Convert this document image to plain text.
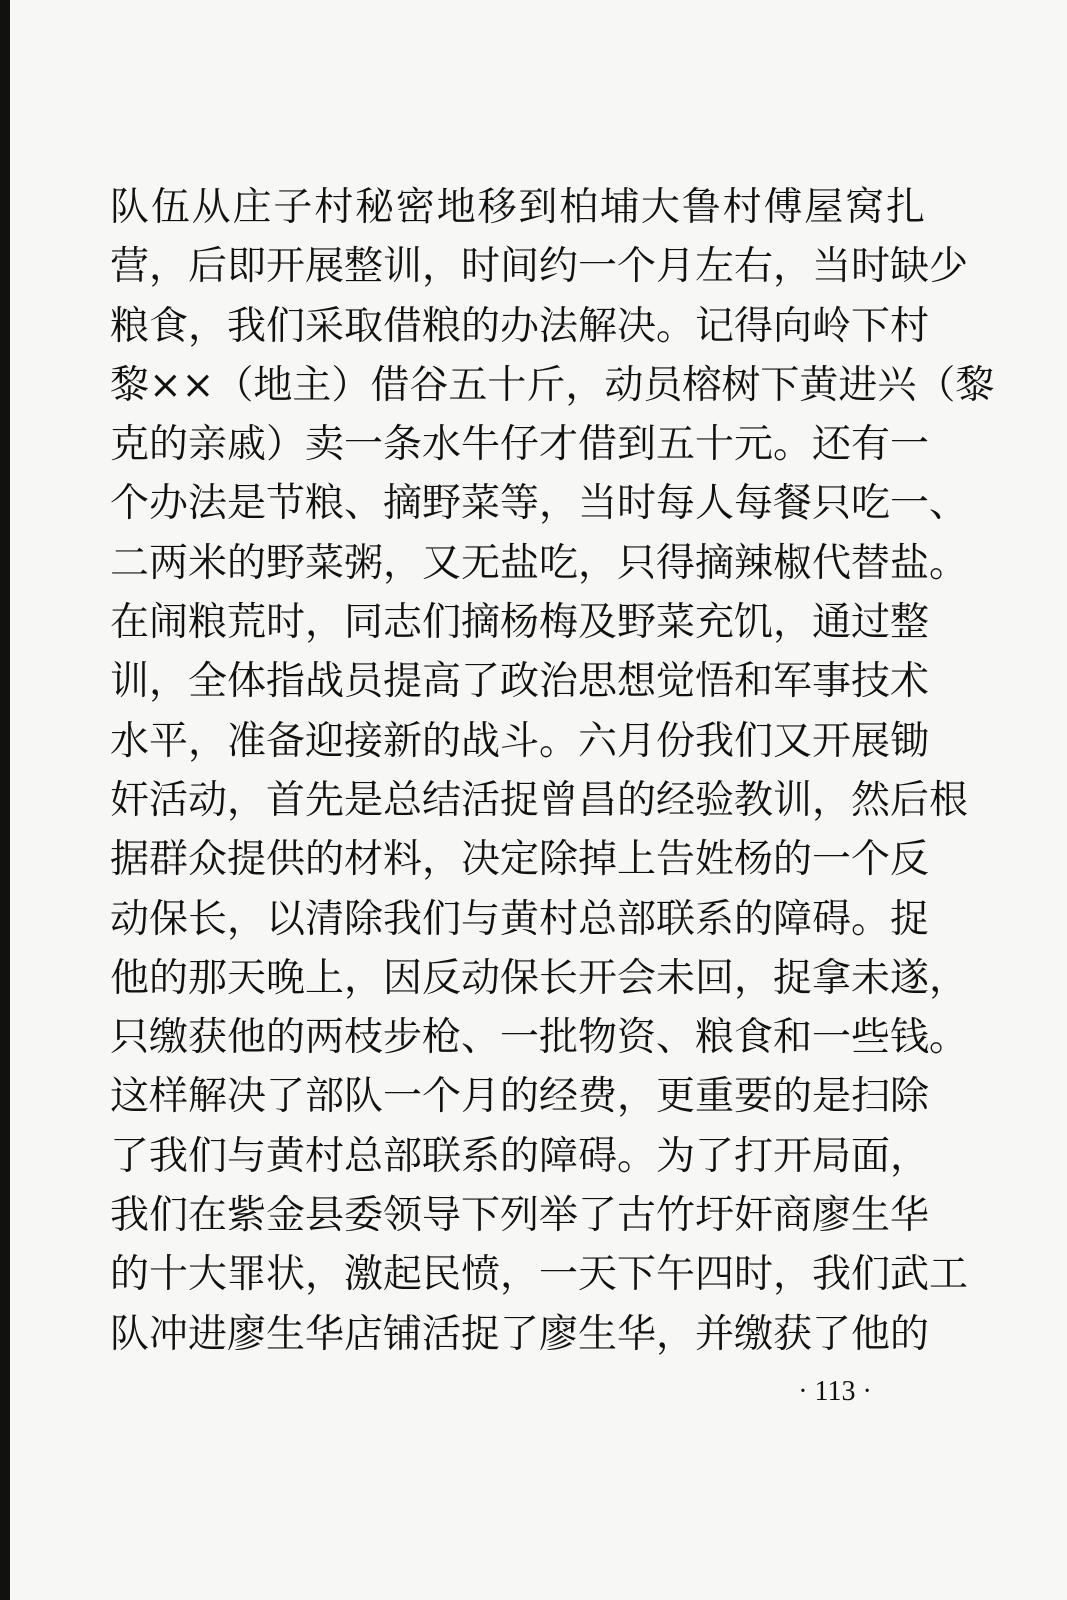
队伍从庄子村秘密地移到柏埔大鲁村傅屋窝扎
营，后即开展整训，时间约一个月左右，当时缺少
粮食，我们采取借粮的办法解决。记得向岭下村
黎××（地主）借谷五十斤，动员榕树下黄进兴（黎
克的亲戚）卖一条水牛仔才借到五十元。还有一
个办法是节粮、摘野菜等，当时每人每餐只吃一、
二两米的野菜粥，又无盐吃，只得摘辣椒代替盐。
在闹粮荒时，同志们摘杨梅及野菜充饥，通过整
训，全体指战员提高了政治思想觉悟和军事技术
水平，准备迎接新的战斗。六月份我们又开展锄
奸活动，首先是总结活捉曾昌的经验教训，然后根
据群众提供的材料，决定除掉上告姓杨的一个反
动保长，以清除我们与黄村总部联系的障碍。捉
他的那天晚上，因反动保长开会未回，捉拿未遂，
只缴获他的两枝步枪、一批物资、粮食和一些钱。
这样解决了部队一个月的经费，更重要的是扫除
了我们与黄村总部联系的障碍。为了打开局面，
我们在紫金县委领导下列举了古竹圩奸商廖生华
的十大罪状，激起民愤，一天下午四时，我们武工
队冲进廖生华店铺活捉了廖生华，并缴获了他的
· 113 ·
